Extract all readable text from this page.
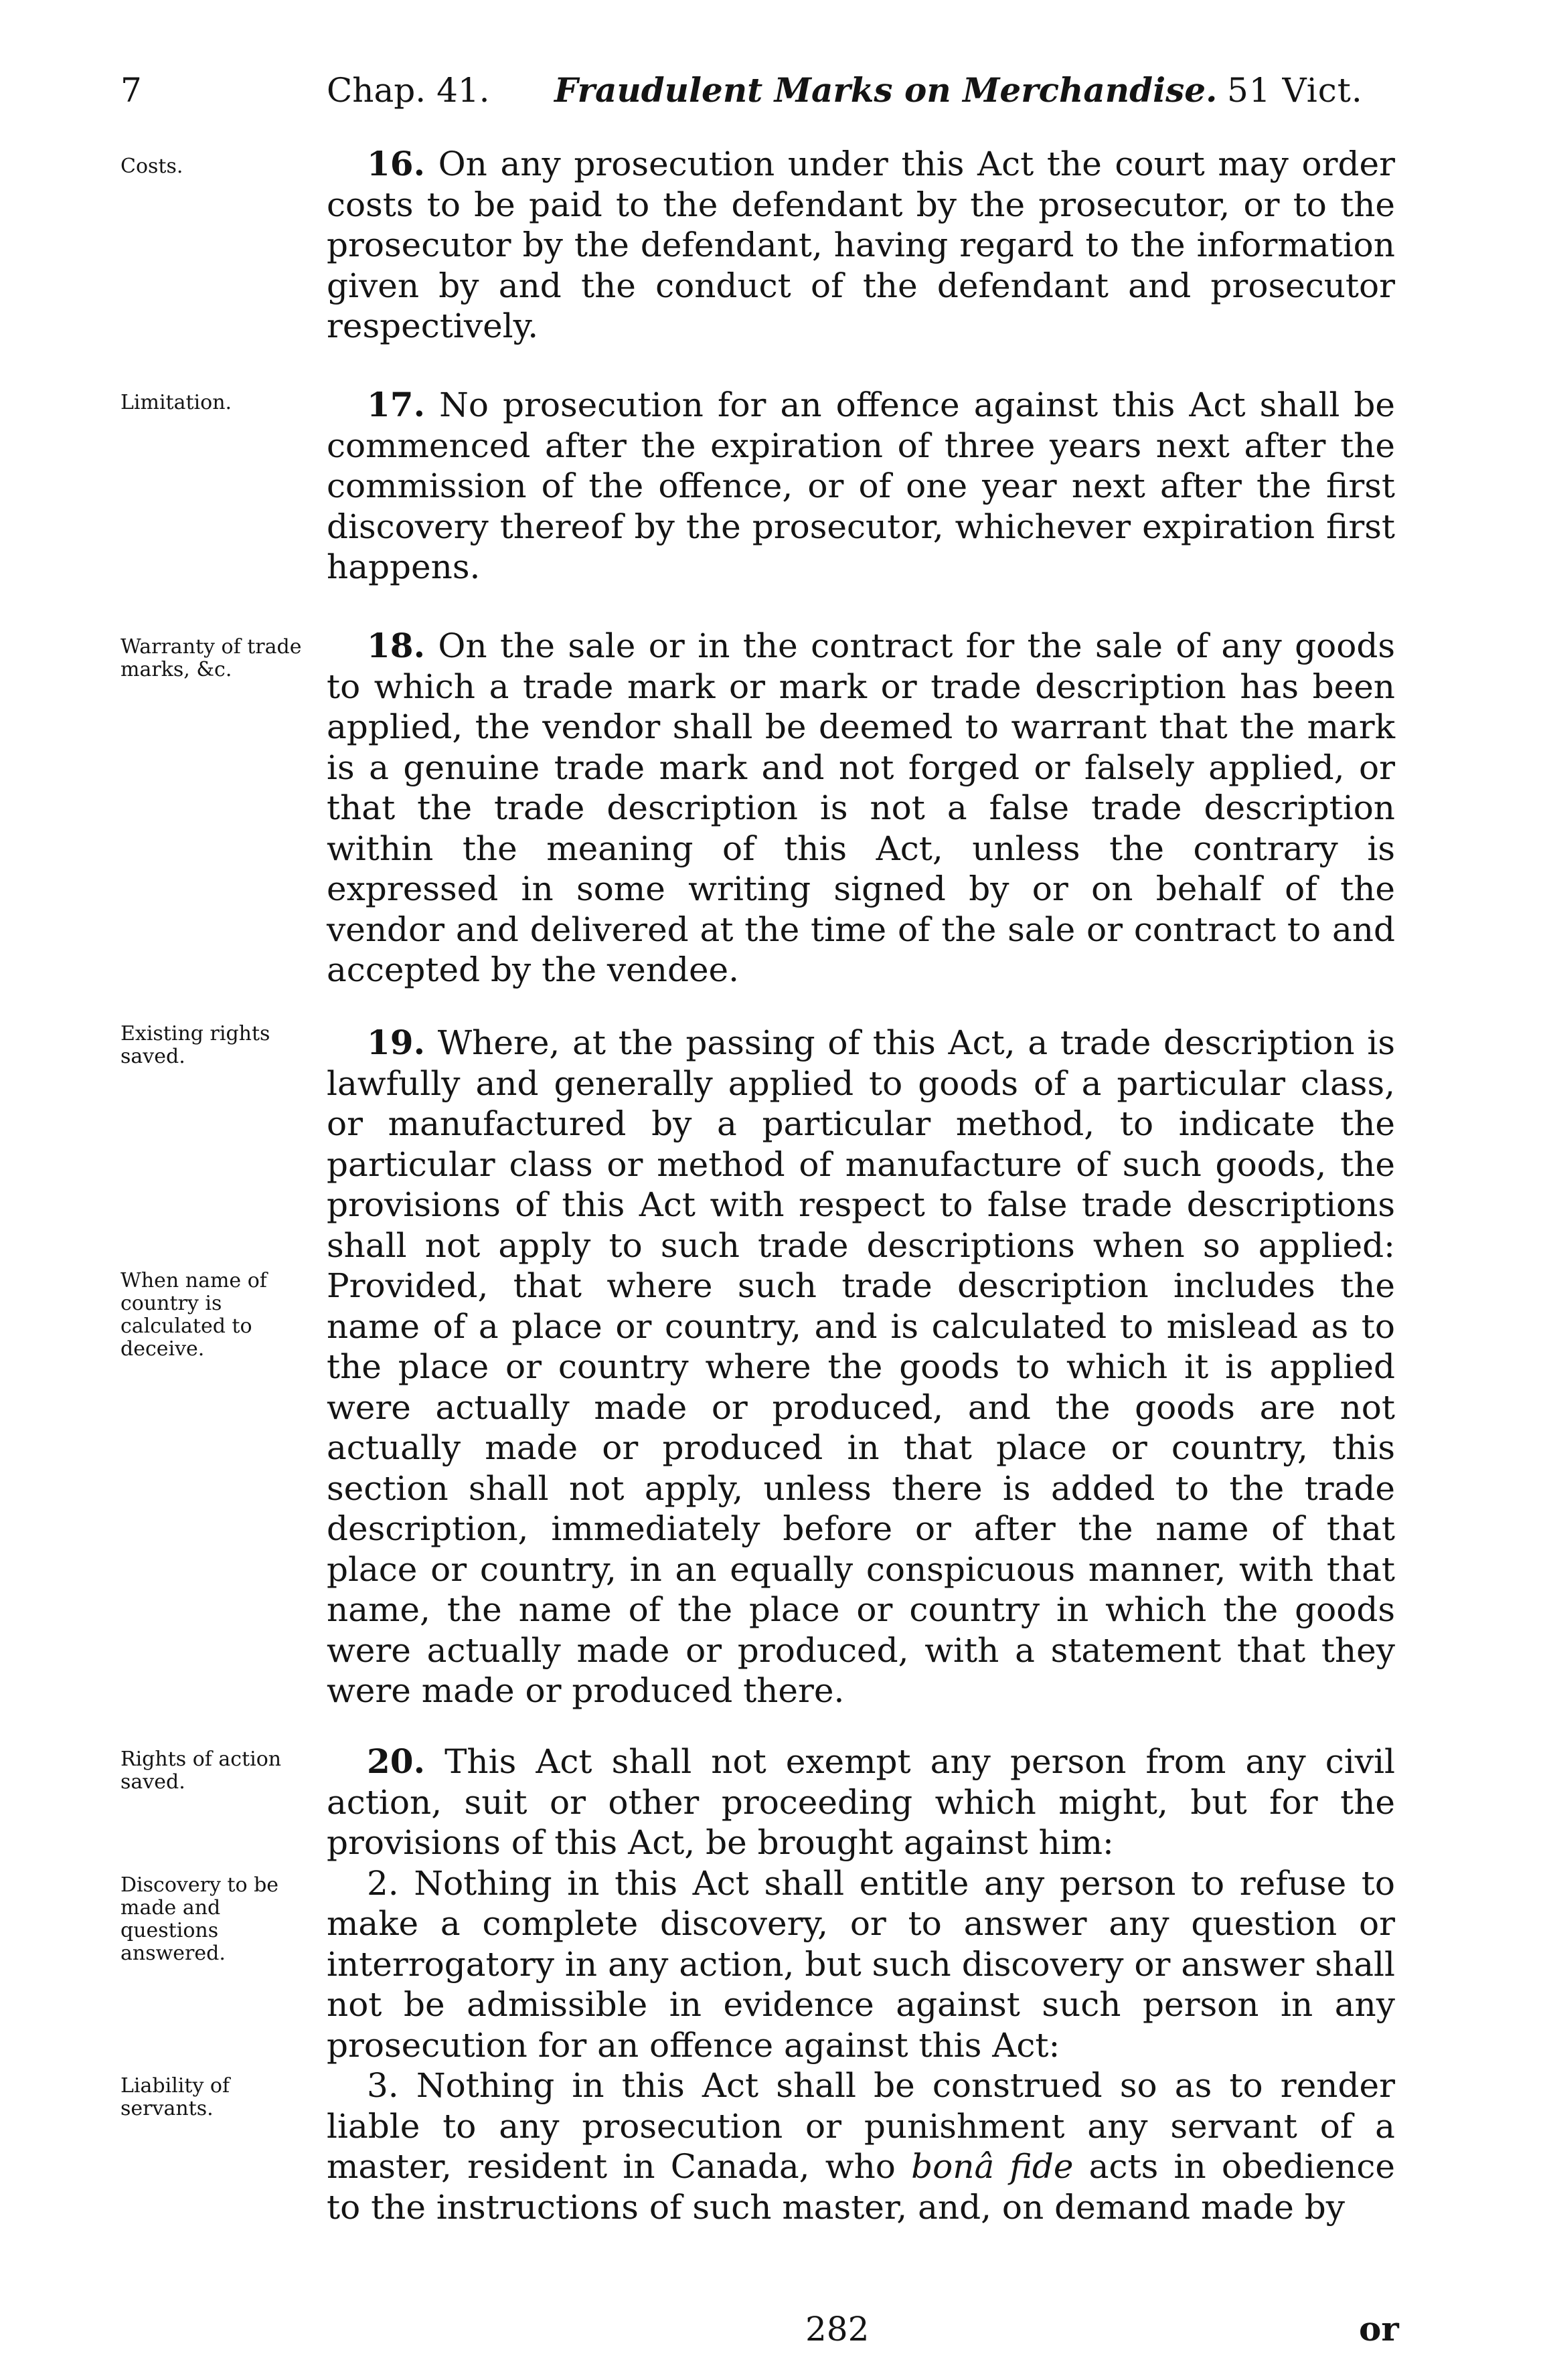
7	Chap. 41. Fraudulent Marks on Merchandise. 51 Vict.
Costs.
Limitation.
Warranty of trade marks, &c.
Existing rights saved.
When name of country is calculated to deceive.
Rights of action saved.
Discovery to be made and questions answered.
Liability of servants.

16. On any prosecution under this Act the court may order costs to be paid to the defendant by the prosecutor, or to the prosecutor by the defendant, having regard to the information given by and the conduct of the defendant and prosecutor respectively.

17. No prosecution for an offence against this Act shall be commenced after the expiration of three years next after the commission of the offence, or of one year next after the first discovery thereof by the prosecutor, whichever expiration first happens.

18. On the sale or in the contract for the sale of any goods to which a trade mark or mark or trade description has been applied, the vendor shall be deemed to warrant that the mark is a genuine trade mark and not forged or falsely applied, or that the trade description is not a false trade description within the meaning of this Act, unless the contrary is expressed in some writing signed by or on behalf of the vendor and delivered at the time of the sale or contract to and accepted by the vendee.

19. Where, at the passing of this Act, a trade description is lawfully and generally applied to goods of a particular class, or manufactured by a particular method, to indicate the particular class or method of manufacture of such goods, the provisions of this Act with respect to false trade descriptions shall not apply to such trade descriptions when so applied: Provided, that where such trade description includes the name of a place or country, and is calculated to mislead as to the place or country where the goods to which it is applied were actually made or produced, and the goods are not actually made or produced in that place or country, this section shall not apply, unless there is added to the trade description, immediately before or after the name of that place or country, in an equally conspicuous manner, with that name, the name of the place or country in which the goods were actually made or produced, with a statement that they were made or produced there.

20. This Act shall not exempt any person from any civil action, suit or other proceeding which might, but for the provisions of this Act, be brought against him:

2. Nothing in this Act shall entitle any person to refuse to make a complete discovery, or to answer any question or interrogatory in any action, but such discovery or answer shall not be admissible in evidence against such person in any prosecution for an offence against this Act:

3. Nothing in this Act shall be construed so as to render liable to any prosecution or punishment any servant of a master, resident in Canada, who bonâ fide acts in obedience to the instructions of such master, and, on demand made by

282	or
